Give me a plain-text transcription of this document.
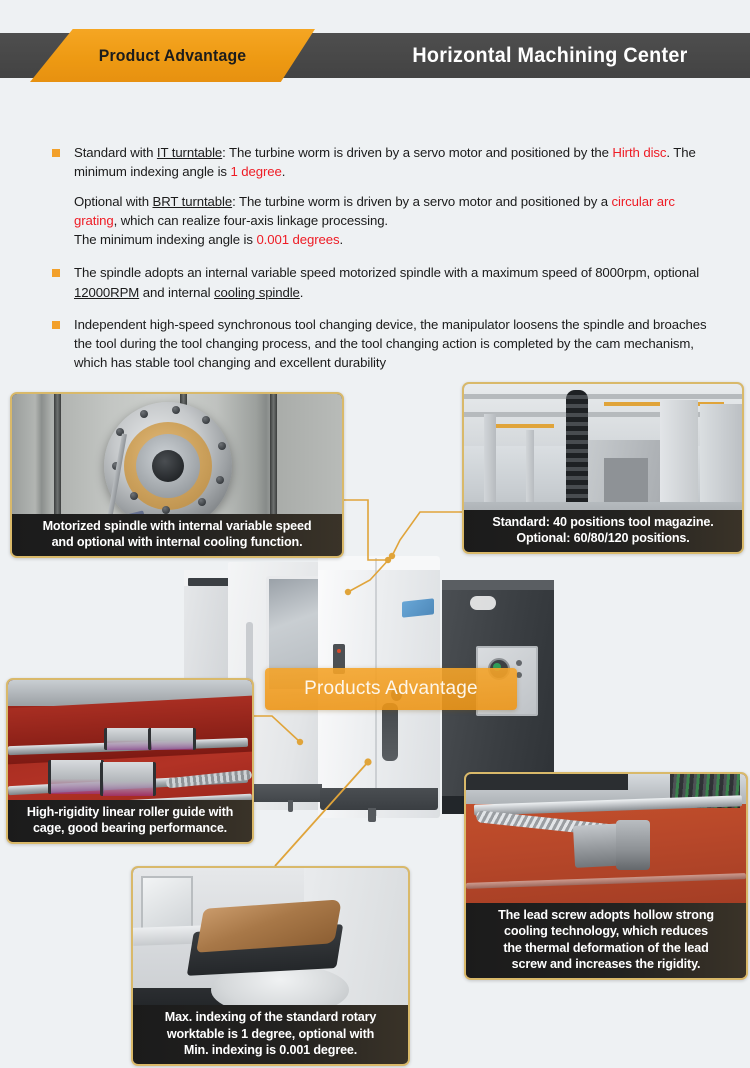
Product Advantage	Horizontal Machining Center
Standard with IT turntable: The turbine worm is driven by a servo motor and positioned by the Hirth disc. The minimum indexing angle is 1 degree.
Optional with BRT turntable: The turbine worm is driven by a servo motor and positioned by a circular arc grating, which can realize four-axis linkage processing.
The minimum indexing angle is 0.001 degrees.
The spindle adopts an internal variable speed motorized spindle with a maximum speed of 8000rpm, optional 12000RPM and internal cooling spindle.
Independent high-speed synchronous tool changing device, the manipulator loosens the spindle and broaches the tool during the tool changing process, and the tool changing action is completed by the cam mechanism, which has stable tool changing and excellent durability
Products Advantage
Motorized spindle with internal variable speed
and optional with internal cooling function.
Standard: 40 positions tool magazine.
Optional: 60/80/120 positions.
High-rigidity linear roller guide with
cage, good bearing performance.
The lead screw adopts hollow strong
cooling technology, which reduces
the thermal deformation of the lead
screw and increases the rigidity.
Max. indexing of the standard rotary
worktable is 1 degree, optional with
Min. indexing is 0.001 degree.
